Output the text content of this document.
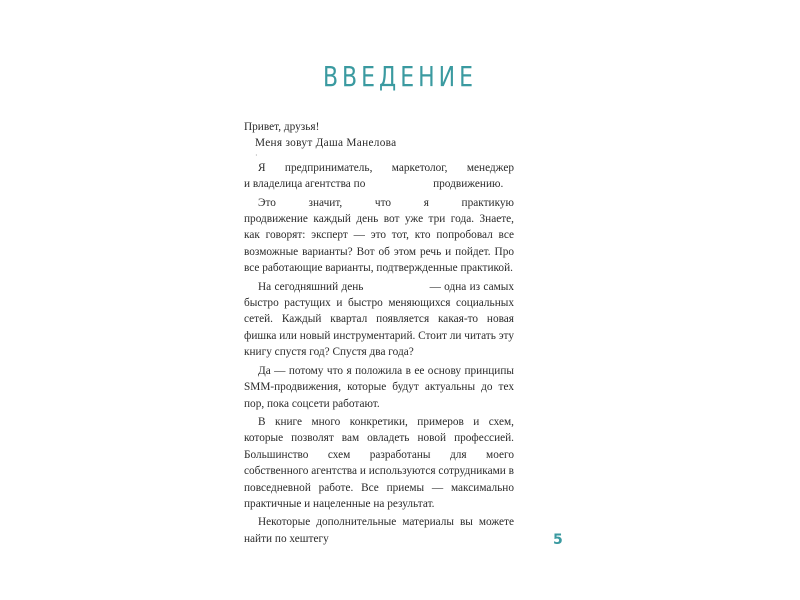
ВВЕДЕНИЕ

Привет, друзья!

Меня зовут Даша Манелова

·

Я предприниматель, маркетолог, менеджер                    и владелица агентства по                        продвижению.

Это значит, что я практикую                    продвижение каждый день вот уже три года. Знаете, как говорят: эксперт — это тот, кто попробовал все возможные варианты? Вот об этом речь и пойдет. Про все работающие варианты, подтвержденные практикой.

На сегодняшний день                    — одна из самых быстро растущих и быстро меняющихся социальных сетей. Каждый квартал появляется какая-то новая фишка или новый инструментарий. Стоит ли читать эту книгу спустя год? Спустя два года?

Да — потому что я положила в ее основу принципы SMM-продвижения, которые будут актуальны до тех пор, пока соцсети работают.

В книге много конкретики, примеров и схем, которые позволят вам овладеть новой профессией. Большинство схем разработаны для моего собственного агентства и используются сотрудниками в повседневной работе. Все приемы — максимально практичные и нацеленные на результат.

Некоторые дополнительные материалы вы можете найти по хештегу	5
